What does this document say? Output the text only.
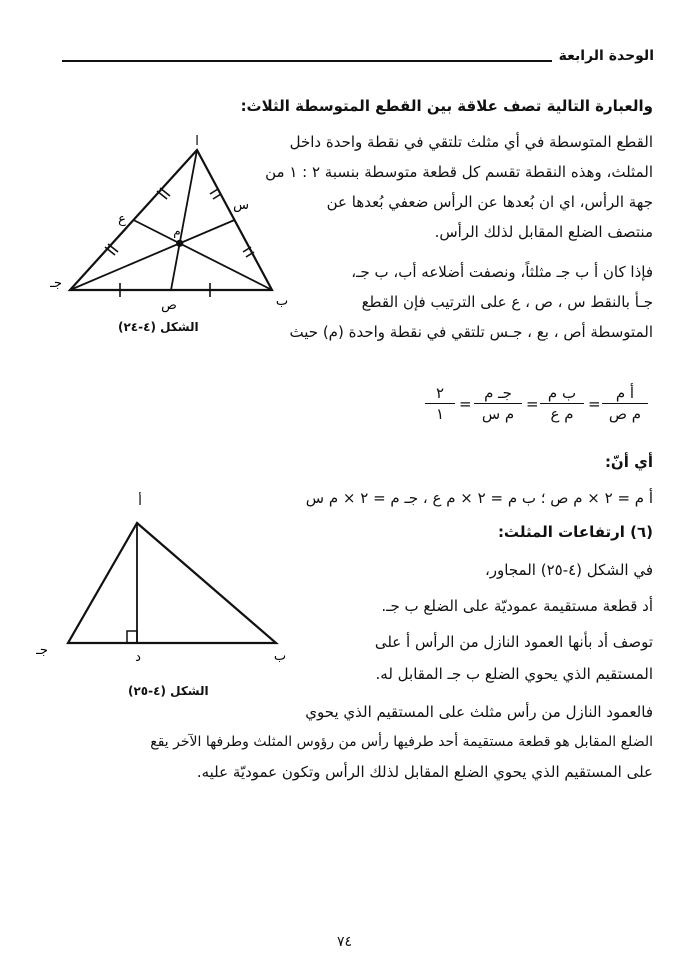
الوحدة الرابعة
والعبارة التالية تصف علاقة بين القطع المتوسطة الثلاث:
القطع المتوسطة في أي مثلث تلتقي في نقطة واحدة داخل
المثلث، وهذه النقطة تقسم كل قطعة متوسطة بنسبة ٢ : ١ من
جهة الرأس، اي ان بُعدها عن الرأس ضعفي بُعدها عن
منتصف الضلع المقابل لذلك الرأس.
فإذا كان أ ب جـ مثلثاً، ونصفت أضلاعه أب، ب جـ،
جـأ بالنقط س ، ص ، ع على الترتيب فإن القطع
المتوسطة أص ، بع ، جـس تلتقي في نقطة واحدة (م) حيث
أ
ب
جـ
س
ص
ع
م
الشكل (٤-٢٤)
٢
١
=
جـ م
م س
=
ب م
م ع
=
أ م
م ص
أي أنّ:
أ م = ٢ × م ص ؛ ب م = ٢ × م ع ، جـ م = ٢ × م س
(٦) ارتفاعات المثلث:
في الشكل (٤-٢٥) المجاور،
أد قطعة مستقيمة عموديّة على الضلع ب جـ.
توصف أد بأنها العمود النازل من الرأس أ على
المستقيم الذي يحوي الضلع ب جـ المقابل له.
أ
ب
جـ	د
الشكل (٤-٢٥)
فالعمود النازل من رأس مثلث على المستقيم الذي يحوي
الضلع المقابل هو قطعة مستقيمة أحد طرفيها رأس من رؤوس المثلث وطرفها الآخر يقع
على المستقيم الذي يحوي الضلع المقابل لذلك الرأس وتكون عموديّة عليه.
٧٤
